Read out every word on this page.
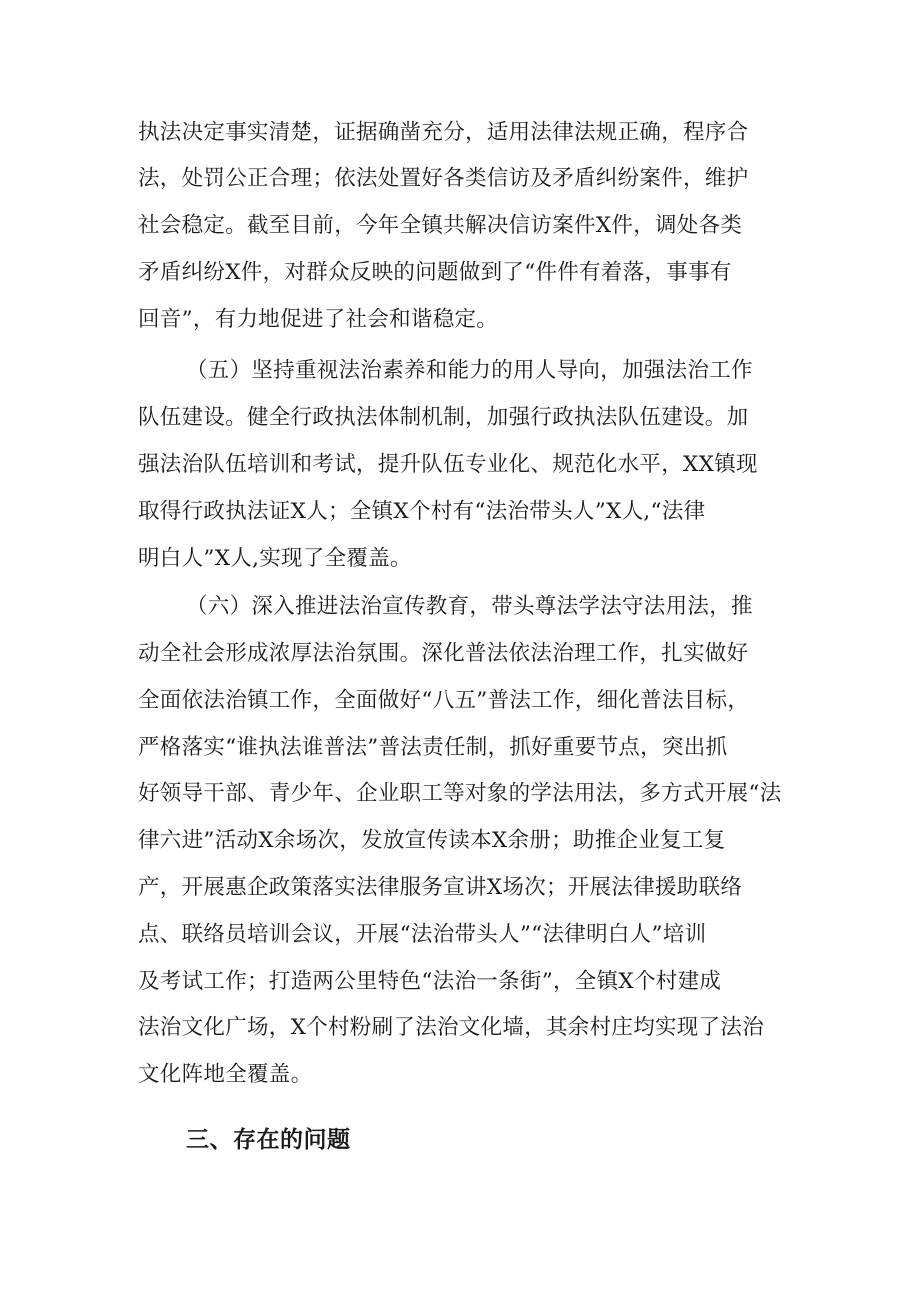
执法决定事实清楚，证据确凿充分，适用法律法规正确，程序合
法，处罚公正合理；依法处置好各类信访及矛盾纠纷案件，维护
社会稳定。截至目前，今年全镇共解决信访案件X件，调处各类
矛盾纠纷X件，对群众反映的问题做到了“件件有着落，事事有
回音”，有力地促进了社会和谐稳定。
（五）坚持重视法治素养和能力的用人导向，加强法治工作
队伍建设。健全行政执法体制机制，加强行政执法队伍建设。加
强法治队伍培训和考试，提升队伍专业化、规范化水平，XX镇现
取得行政执法证X人；全镇X个村有“法治带头人”X人,“法律
明白人”X人,实现了全覆盖。
（六）深入推进法治宣传教育，带头尊法学法守法用法，推
动全社会形成浓厚法治氛围。深化普法依法治理工作，扎实做好
全面依法治镇工作，全面做好“八五”普法工作，细化普法目标，
严格落实“谁执法谁普法”普法责任制，抓好重要节点，突出抓
好领导干部、青少年、企业职工等对象的学法用法，多方式开展“法
律六进”活动X余场次，发放宣传读本X余册；助推企业复工复
产，开展惠企政策落实法律服务宣讲X场次；开展法律援助联络
点、联络员培训会议，开展“法治带头人”“法律明白人”培训
及考试工作；打造两公里特色“法治一条街”，全镇X个村建成
法治文化广场，X个村粉刷了法治文化墙，其余村庄均实现了法治
文化阵地全覆盖。
三、存在的问题
